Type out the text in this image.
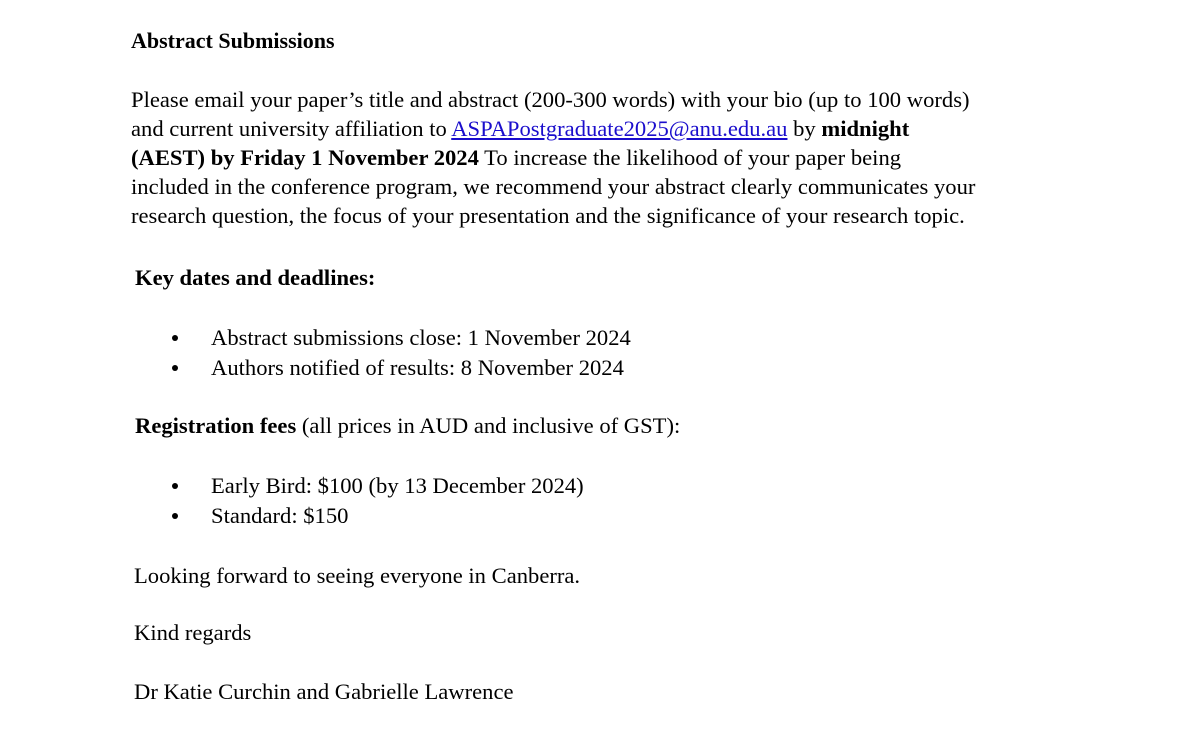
Abstract Submissions
Please email your paper’s title and abstract (200-300 words) with your bio (up to 100 words)
and current university affiliation to ASPAPostgraduate2025@anu.edu.au by midnight
(AEST) by Friday 1 November 2024 To increase the likelihood of your paper being
included in the conference program, we recommend your abstract clearly communicates your
research question, the focus of your presentation and the significance of your research topic.
Key dates and deadlines:
Abstract submissions close: 1 November 2024
Authors notified of results: 8 November 2024
Registration fees (all prices in AUD and inclusive of GST):
Early Bird: $100 (by 13 December 2024)
Standard: $150
Looking forward to seeing everyone in Canberra.
Kind regards
Dr Katie Curchin and Gabrielle Lawrence
